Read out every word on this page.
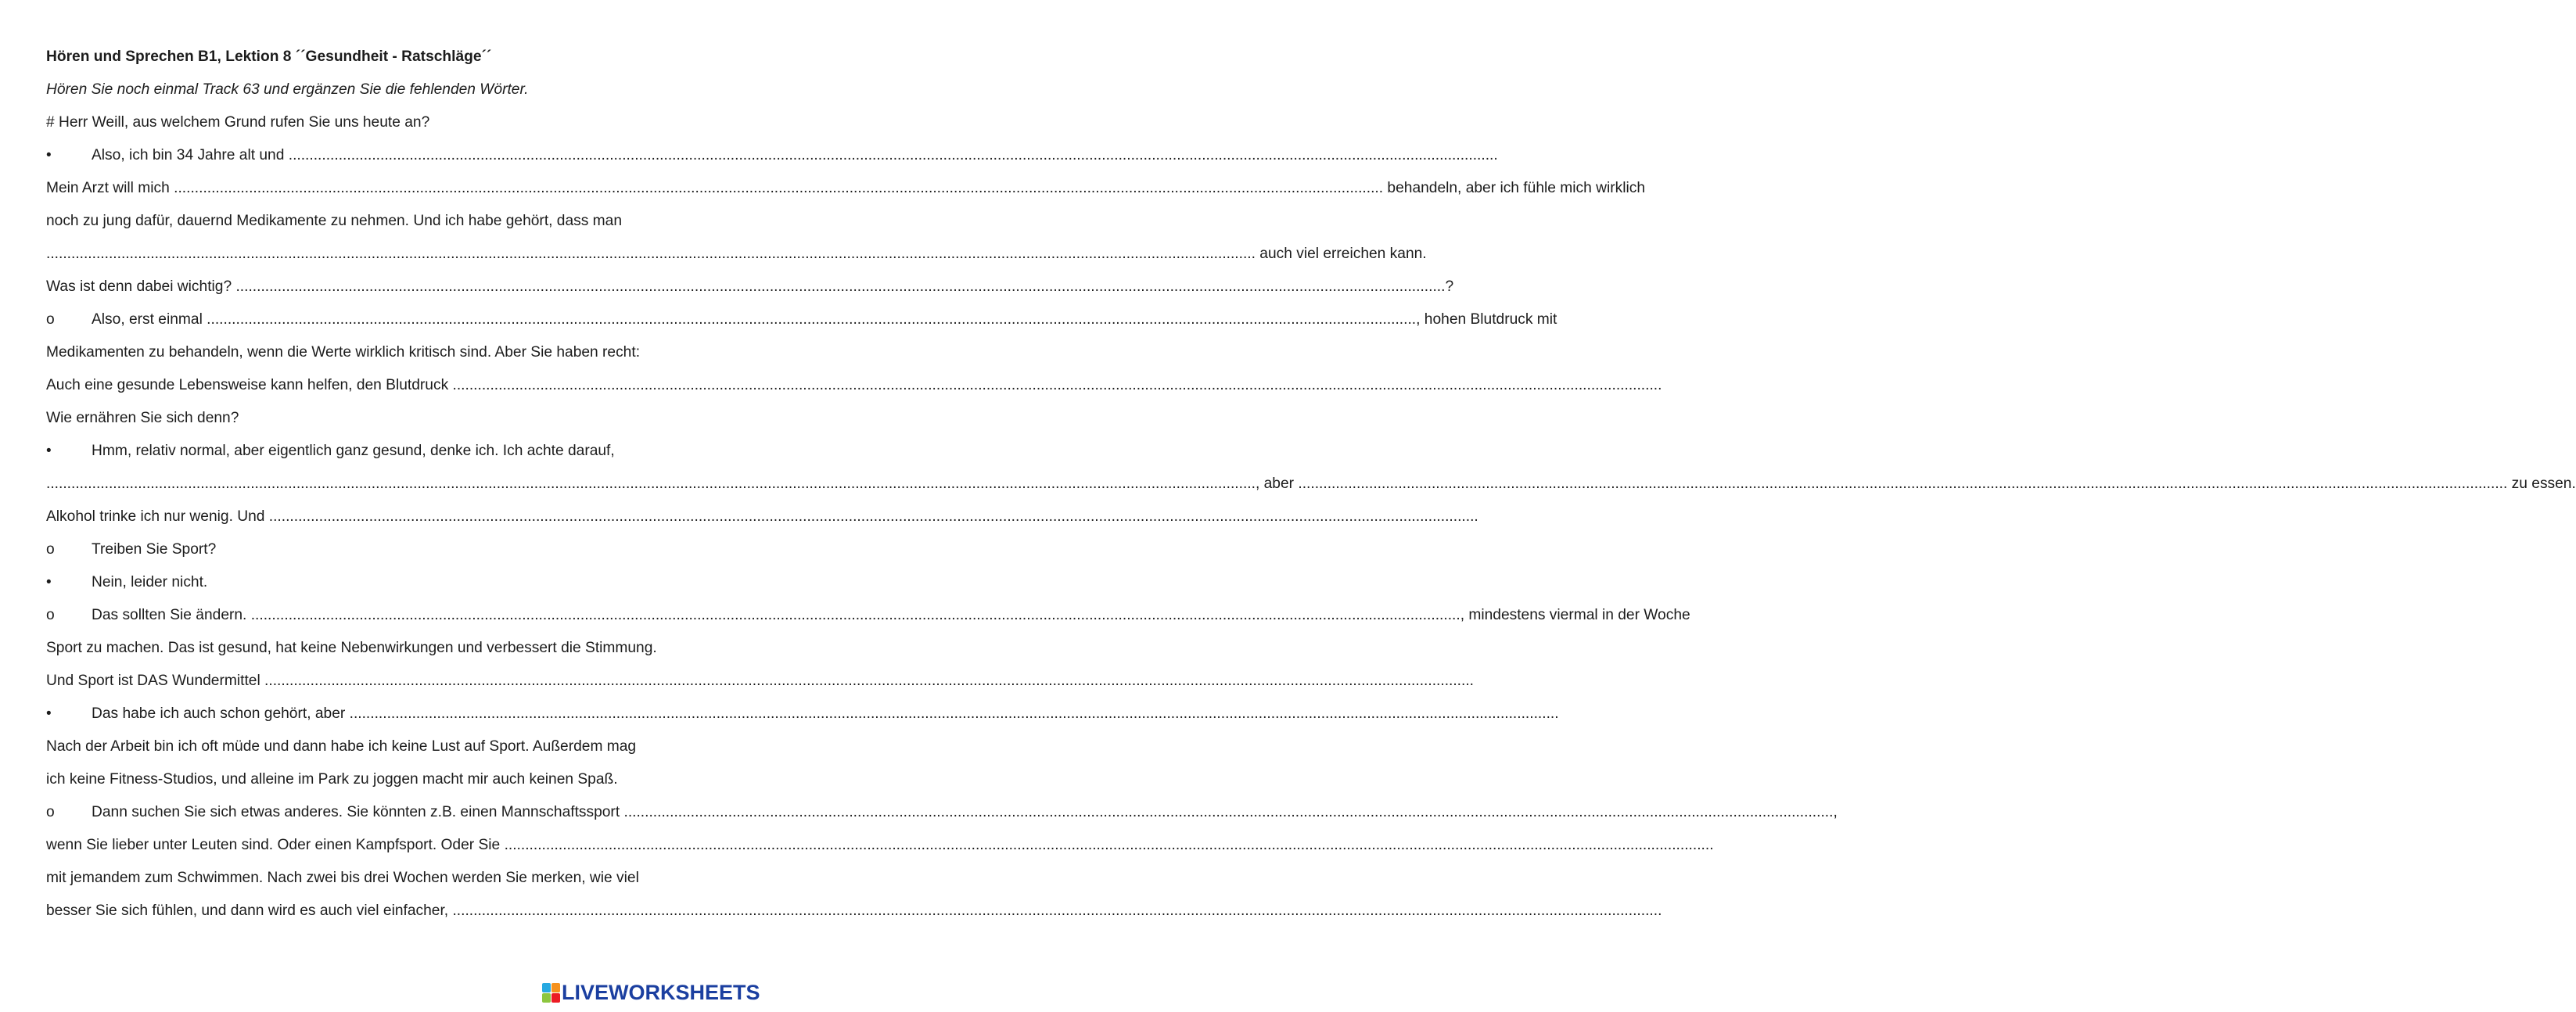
Hören und Sprechen B1, Lektion 8 ´´Gesundheit - Ratschläge´´
Hören Sie noch einmal Track 63 und ergänzen Sie die fehlenden Wörter.
# Herr Weill, aus welchem Grund rufen Sie uns heute an?
•	Also, ich bin 34 Jahre alt und ..................................................................................................................................................................................................................................................................................................
Mein Arzt will mich .................................................................................................................................................................................................................................................................................................. behandeln, aber ich fühle mich wirklich
noch zu jung dafür, dauernd Medikamente zu nehmen. Und ich habe gehört, dass man
.................................................................................................................................................................................................................................................................................................. auch viel erreichen kann.
Was ist denn dabei wichtig? .................................................................................................................................................................................................................................................................................................. ?
o	Also, erst einmal .................................................................................................................................................................................................................................................................................................. , hohen Blutdruck mit
Medikamenten zu behandeln, wenn die Werte wirklich kritisch sind. Aber Sie haben recht:
Auch eine gesunde Lebensweise kann helfen, den Blutdruck ..................................................................................................................................................................................................................................................................................................
Wie ernähren Sie sich denn?
•	Hmm, relativ normal, aber eigentlich ganz gesund, denke ich. Ich achte darauf,
.................................................................................................................................................................................................................................................................................................. , aber .................................................................................................................................................................................................................................................................................................. zu essen.
Alkohol trinke ich nur wenig. Und ..................................................................................................................................................................................................................................................................................................
o	Treiben Sie Sport?
•	Nein, leider nicht.
o	Das sollten Sie ändern. .................................................................................................................................................................................................................................................................................................. , mindestens viermal in der Woche
Sport zu machen. Das ist gesund, hat keine Nebenwirkungen und verbessert die Stimmung.
Und Sport ist DAS Wundermittel ..................................................................................................................................................................................................................................................................................................
•	Das habe ich auch schon gehört, aber ..................................................................................................................................................................................................................................................................................................
Nach der Arbeit bin ich oft müde und dann habe ich keine Lust auf Sport. Außerdem mag
ich keine Fitness-Studios, und alleine im Park zu joggen macht mir auch keinen Spaß.
o	Dann suchen Sie sich etwas anderes. Sie könnten z.B. einen Mannschaftssport .................................................................................................................................................................................................................................................................................................. ,
wenn Sie lieber unter Leuten sind. Oder einen Kampfsport. Oder Sie ..................................................................................................................................................................................................................................................................................................
mit jemandem zum Schwimmen. Nach zwei bis drei Wochen werden Sie merken, wie viel
besser Sie sich fühlen, und dann wird es auch viel einfacher, ..................................................................................................................................................................................................................................................................................................
LIVEWORKSHEETS
